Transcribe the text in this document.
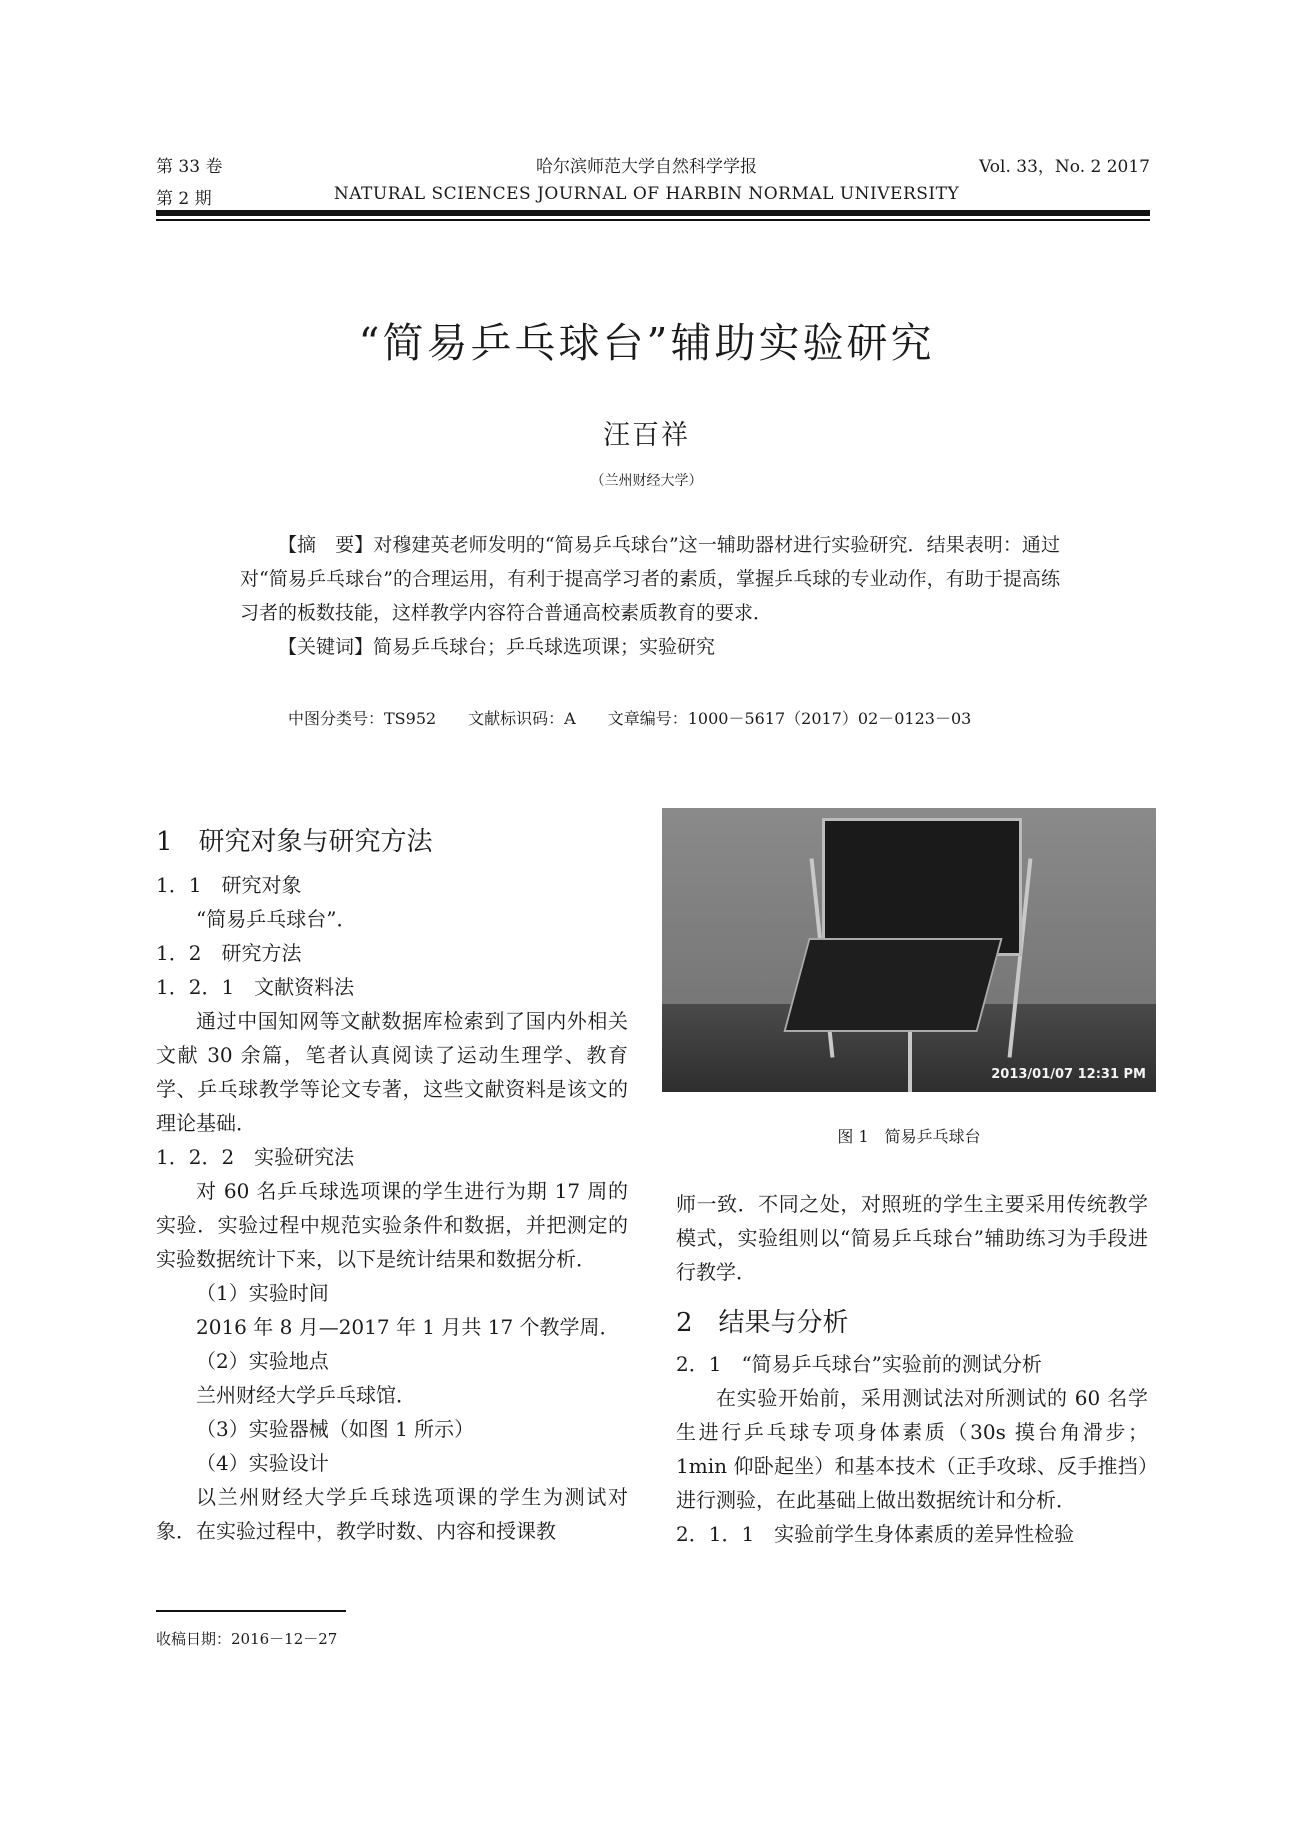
第 33 卷
第 2 期
哈尔滨师范大学自然科学学报
NATURAL SCIENCES JOURNAL OF HARBIN NORMAL UNIVERSITY
Vol. 33，No. 2 2017
“简易乒乓球台”辅助实验研究
汪百祥
（兰州财经大学）

【摘　要】对穆建英老师发明的“简易乒乓球台”这一辅助器材进行实验研究．结果表明：通过对“简易乒乓球台”的合理运用，有利于提高学习者的素质，掌握乒乓球的专业动作，有助于提高练习者的板数技能，这样教学内容符合普通高校素质教育的要求．

【关键词】简易乒乓球台；乒乓球选项课；实验研究

中图分类号：TS952　　文献标识码：A　　文章编号：1000－5617（2017）02－0123－03

1　研究对象与研究方法

1．1　研究对象

“简易乒乓球台”．

1．2　研究方法

1．2．1　文献资料法

通过中国知网等文献数据库检索到了国内外相关文献 30 余篇，笔者认真阅读了运动生理学、教育学、乒乓球教学等论文专著，这些文献资料是该文的理论基础．

1．2．2　实验研究法

对 60 名乒乓球选项课的学生进行为期 17 周的实验．实验过程中规范实验条件和数据，并把测定的实验数据统计下来，以下是统计结果和数据分析．

（1）实验时间

2016 年 8 月—2017 年 1 月共 17 个教学周．

（2）实验地点

兰州财经大学乒乓球馆．

（3）实验器械（如图 1 所示）

（4）实验设计

以兰州财经大学乒乓球选项课的学生为测试对象．在实验过程中，教学时数、内容和授课教

2013/01/07 12:31 PM
图 1　简易乒乓球台

师一致．不同之处，对照班的学生主要采用传统教学模式，实验组则以“简易乒乓球台”辅助练习为手段进行教学．

2　结果与分析

2．1　“简易乒乓球台”实验前的测试分析

在实验开始前，采用测试法对所测试的 60 名学生进行乒乓球专项身体素质（30s 摸台角滑步；1min 仰卧起坐）和基本技术（正手攻球、反手推挡）进行测验，在此基础上做出数据统计和分析．

2．1．1　实验前学生身体素质的差异性检验

收稿日期：2016－12－27
